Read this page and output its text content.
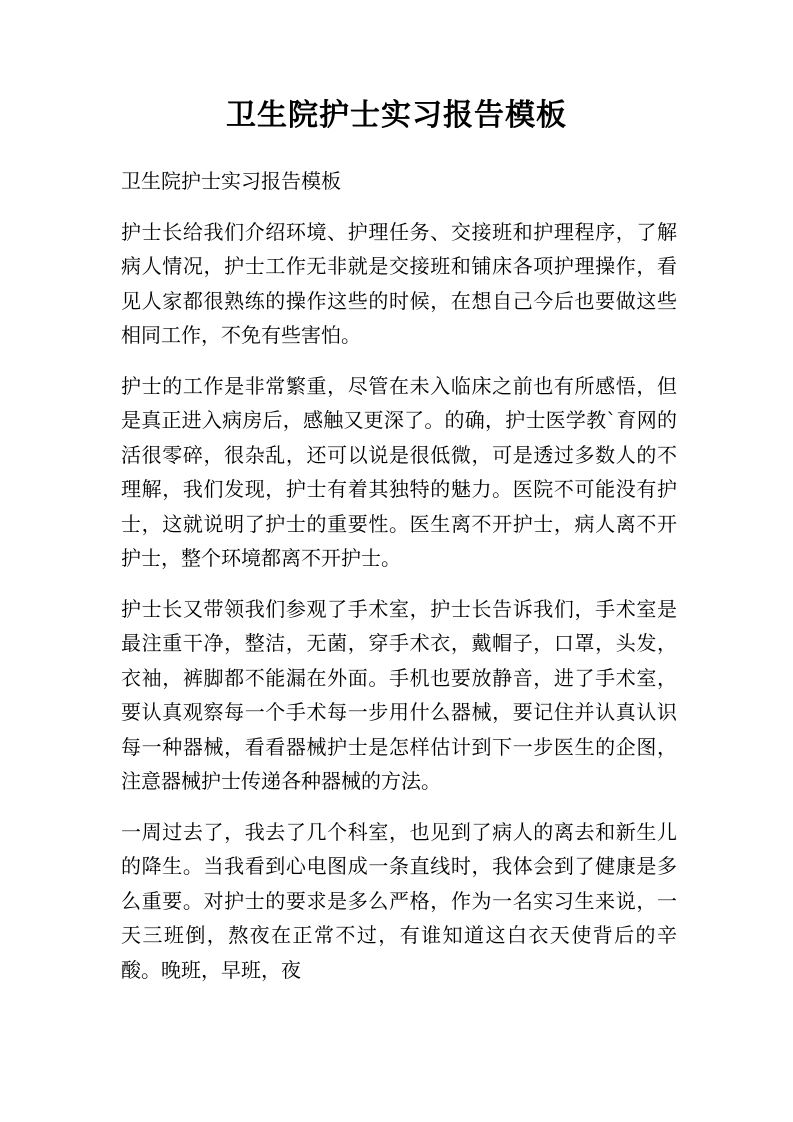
卫生院护士实习报告模板

卫生院护士实习报告模板

护士长给我们介绍环境、护理任务、交接班和护理程序，了解病人情况，护士工作无非就是交接班和铺床各项护理操作，看见人家都很熟练的操作这些的时候，在想自己今后也要做这些相同工作，不免有些害怕。

护士的工作是非常繁重，尽管在未入临床之前也有所感悟，但是真正进入病房后，感触又更深了。的确，护士医学教`育网的活很零碎，很杂乱，还可以说是很低微，可是透过多数人的不理解，我们发现，护士有着其独特的魅力。医院不可能没有护士，这就说明了护士的重要性。医生离不开护士，病人离不开护士，整个环境都离不开护士。

护士长又带领我们参观了手术室，护士长告诉我们，手术室是最注重干净，整洁，无菌，穿手术衣，戴帽子，口罩，头发，衣袖，裤脚都不能漏在外面。手机也要放静音，进了手术室，要认真观察每一个手术每一步用什么器械，要记住并认真认识每一种器械，看看器械护士是怎样估计到下一步医生的企图，注意器械护士传递各种器械的方法。

一周过去了，我去了几个科室，也见到了病人的离去和新生儿的降生。当我看到心电图成一条直线时，我体会到了健康是多么重要。对护士的要求是多么严格，作为一名实习生来说，一天三班倒，熬夜在正常不过，有谁知道这白衣天使背后的辛酸。晚班，早班，夜
